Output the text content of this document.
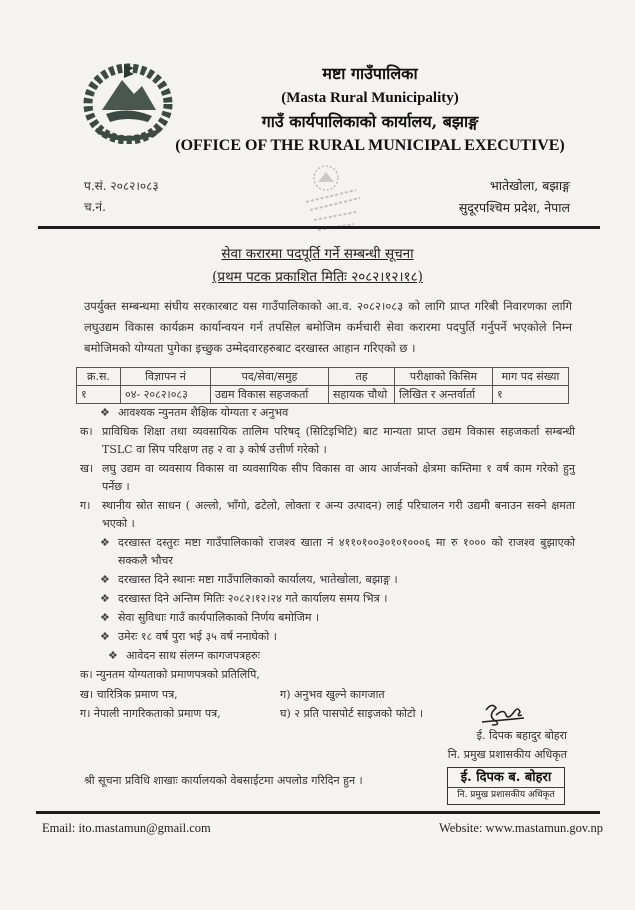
मष्टा गाउँपालिका
(Masta Rural Municipality)
गाउँ कार्यपालिकाको कार्यालय, बझाङ्ग
(OFFICE OF THE RURAL MUNICIPAL EXECUTIVE)
प.सं. २०८२।०८३
च.नं.
भातेखोला, बझाङ्ग
सुदूरपश्चिम प्रदेश, नेपाल
सेवा करारमा पदपूर्ति गर्ने सम्बन्धी सूचना
(प्रथम पटक प्रकाशित मितिः २०८२।१२।१८)
उपर्युक्त सम्बन्धमा संघीय सरकारबाट यस गाउँपालिकाको आ.व. २०८२।०८३ को लागि प्राप्त गरिबी निवारणका लागि लघुउद्यम विकास कार्यक्रम कार्यान्वयन गर्न तपसिल बमोजिम कर्मचारी सेवा करारमा पदपुर्ति गर्नुपर्ने भएकोले निम्न बमोजिमको योग्यता पुगेका इच्छुक उम्मेदवारहरुबाट दरखास्त आहान गरिएको छ ।
क्र.स.	विज्ञापन नं	पद/सेवा/समुह	तह	परीक्षाको किसिम	माग पद संख्या
१	०४- २०८२।०८३	उद्यम विकास सहजकर्ता	सहायक चौथो	लिखित र अन्तर्वार्ता	१
❖ आवश्यक न्युनतम शैक्षिक योग्यता र अनुभव
क। प्राविधिक शिक्षा तथा व्यवसायिक तालिम परिषद् (सिटिइभिटि) बाट मान्यता प्राप्त उद्यम विकास सहजकर्ता सम्बन्धी TSLC वा सिप परिक्षण तह २ वा ३ कोर्ष उत्तीर्ण गरेको ।
ख। लघु उद्यम वा व्यवसाय विकास वा व्यवसायिक सीप विकास वा आय आर्जनको क्षेत्रमा कम्तिमा १ वर्ष काम गरेको हुनु पर्नेछ ।
ग।	स्थानीय स्रोत साधन ( अल्लो, भाँगो, ढटेलो, लोक्ता र अन्य उत्पादन) लाई परिचालन गरी उद्यमी बनाउन सक्ने क्षमता भएको ।
❖ दरखास्त दस्तुरः मष्टा गाउँपालिकाको राजश्व खाता नं ४११०१००३०१०१०००६ मा रु १००० को राजश्व बुझाएको सक्कलै भौचर
❖ दरखास्त दिने स्थानः मष्टा गाउँपालिकाको कार्यालय, भातेखोला, बझाङ्ग ।
❖ दरखास्त दिने अन्तिम मितिः २०८२।१२।२४ गते कार्यालय समय भित्र ।
❖ सेवा सुविधाः गाउँ कार्यपालिकाको निर्णय बमोजिम ।
❖ उमेरः १८ वर्ष पुरा भई ३५ वर्ष ननाघेको ।
❖ आवेदन साथ संलग्न कागजपत्रहरुः
क। न्युनतम योग्यताको प्रमाणपत्रको प्रतिलिपि,
ख। चारित्रिक प्रमाण पत्र,	ग) अनुभव खुल्ने कागजात
ग। नेपाली नागरिकताको प्रमाण पत्र,	घ) २ प्रति पासपोर्ट साइजको फोटो ।
ई. दिपक बहादुर बोहरा
नि. प्रमुख प्रशासकीय अधिकृत
ई. दिपक ब. बोहरा
नि. प्रमुख प्रशासकीय अधिकृत
श्री सूचना प्रविधि शाखाः कार्यालयको वेबसाईटमा अपलोड गरिदिन हुन ।
Email: ito.mastamun@gmail.com	Website: www.mastamun.gov.np
